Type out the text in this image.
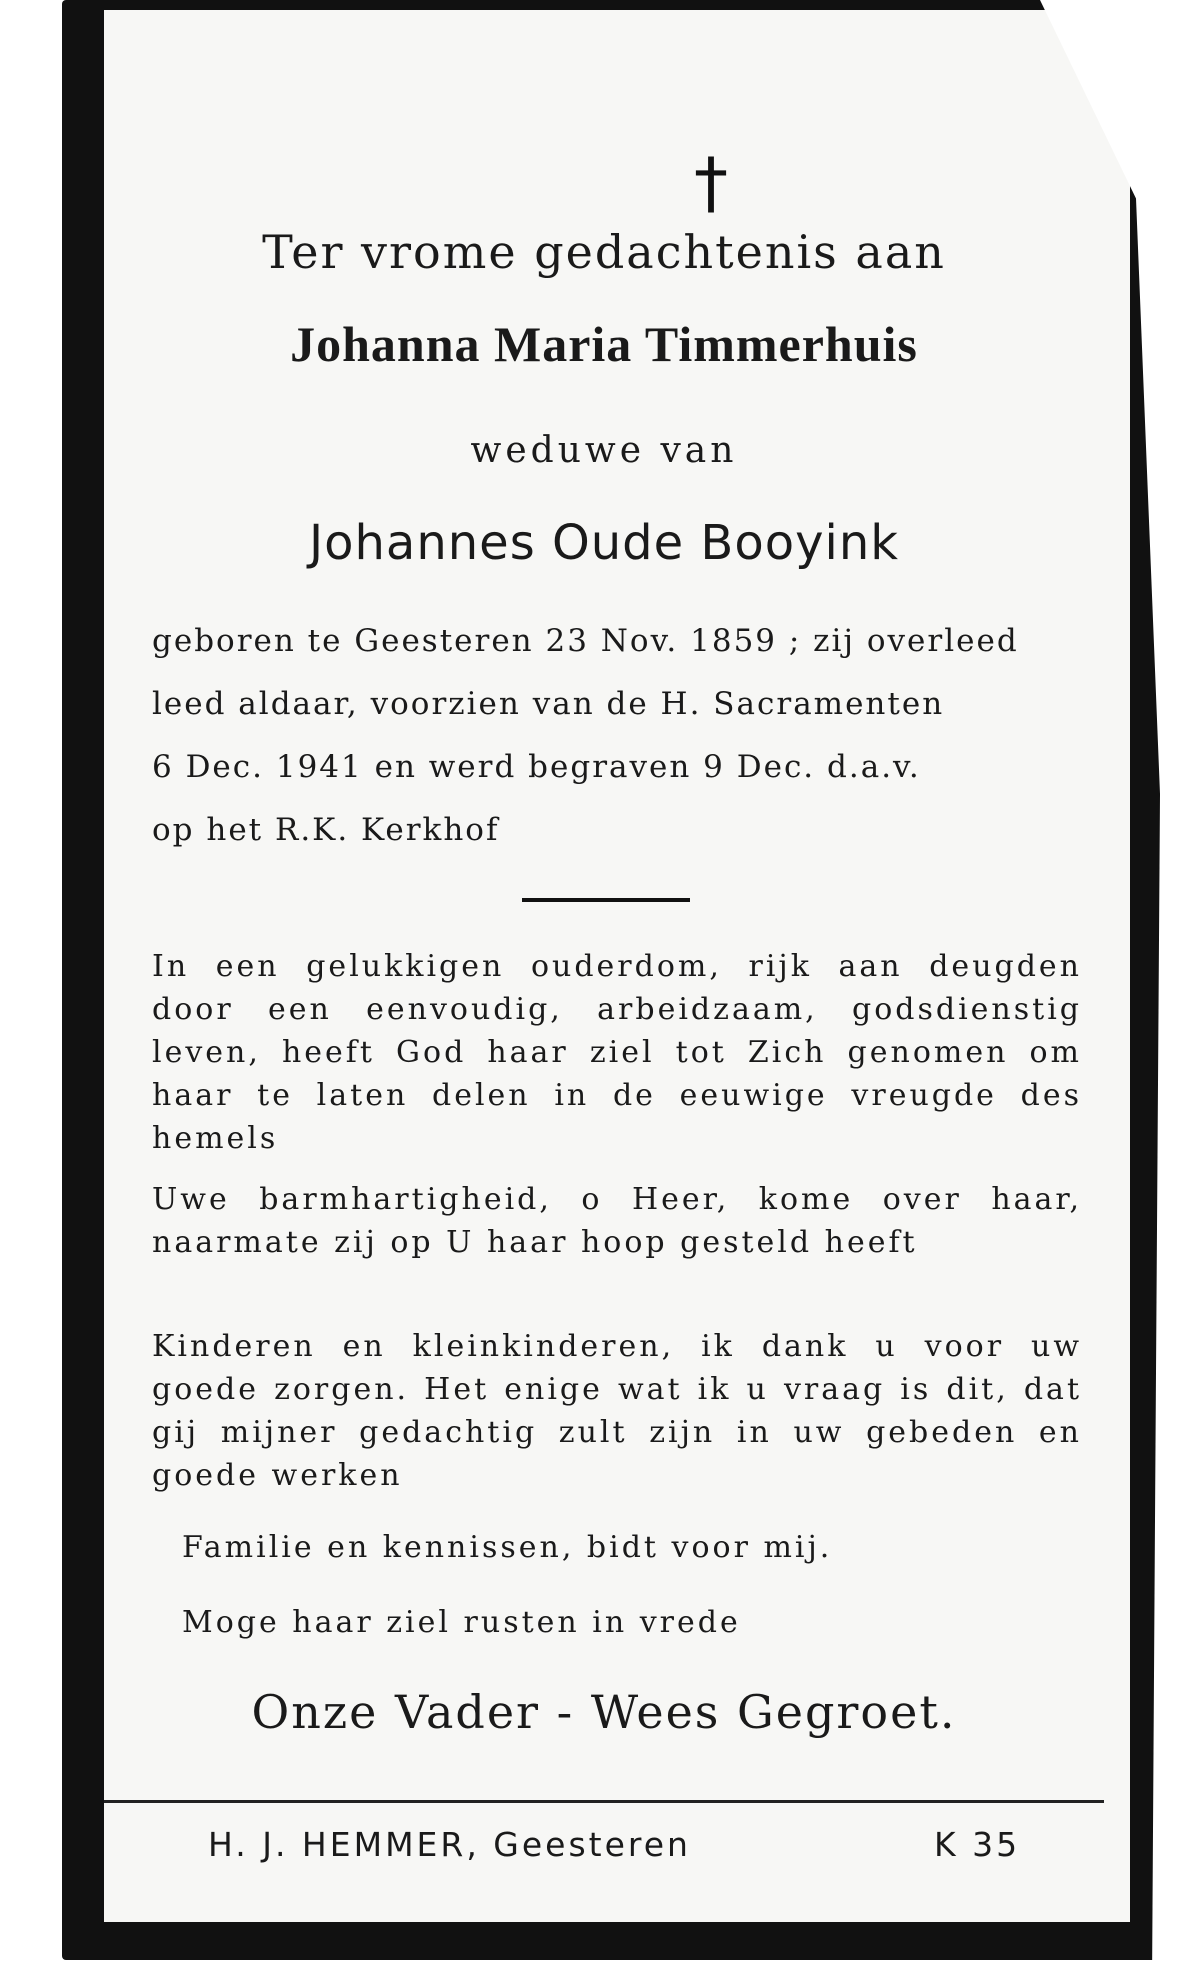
†
Ter vrome gedachtenis aan
Johanna Maria Timmerhuis
weduwe van
Johannes Oude Booyink

geboren te Geesteren 23 Nov. 1859 ; zij overleed

leed aldaar, voorzien van de H. Sacramenten

6 Dec. 1941 en werd begraven 9 Dec. d.a.v.

op het R.K. Kerkhof

In een gelukkigen ouderdom, rijk aan deugden door een eenvoudig, arbeidzaam, godsdienstig leven, heeft God haar ziel tot Zich genomen om haar te laten delen in de eeuwige vreugde des hemels
Uwe barmhartigheid, o Heer, kome over haar, naarmate zij op U haar hoop gesteld heeft
Kinderen en kleinkinderen, ik dank u voor uw goede zorgen. Het enige wat ik u vraag is dit, dat gij mijner gedachtig zult zijn in uw gebeden en goede werken
Familie en kennissen, bidt voor mij.
Moge haar ziel rusten in vrede
Onze Vader - Wees Gegroet.
H. J. HEMMER, Geesteren	K 35
